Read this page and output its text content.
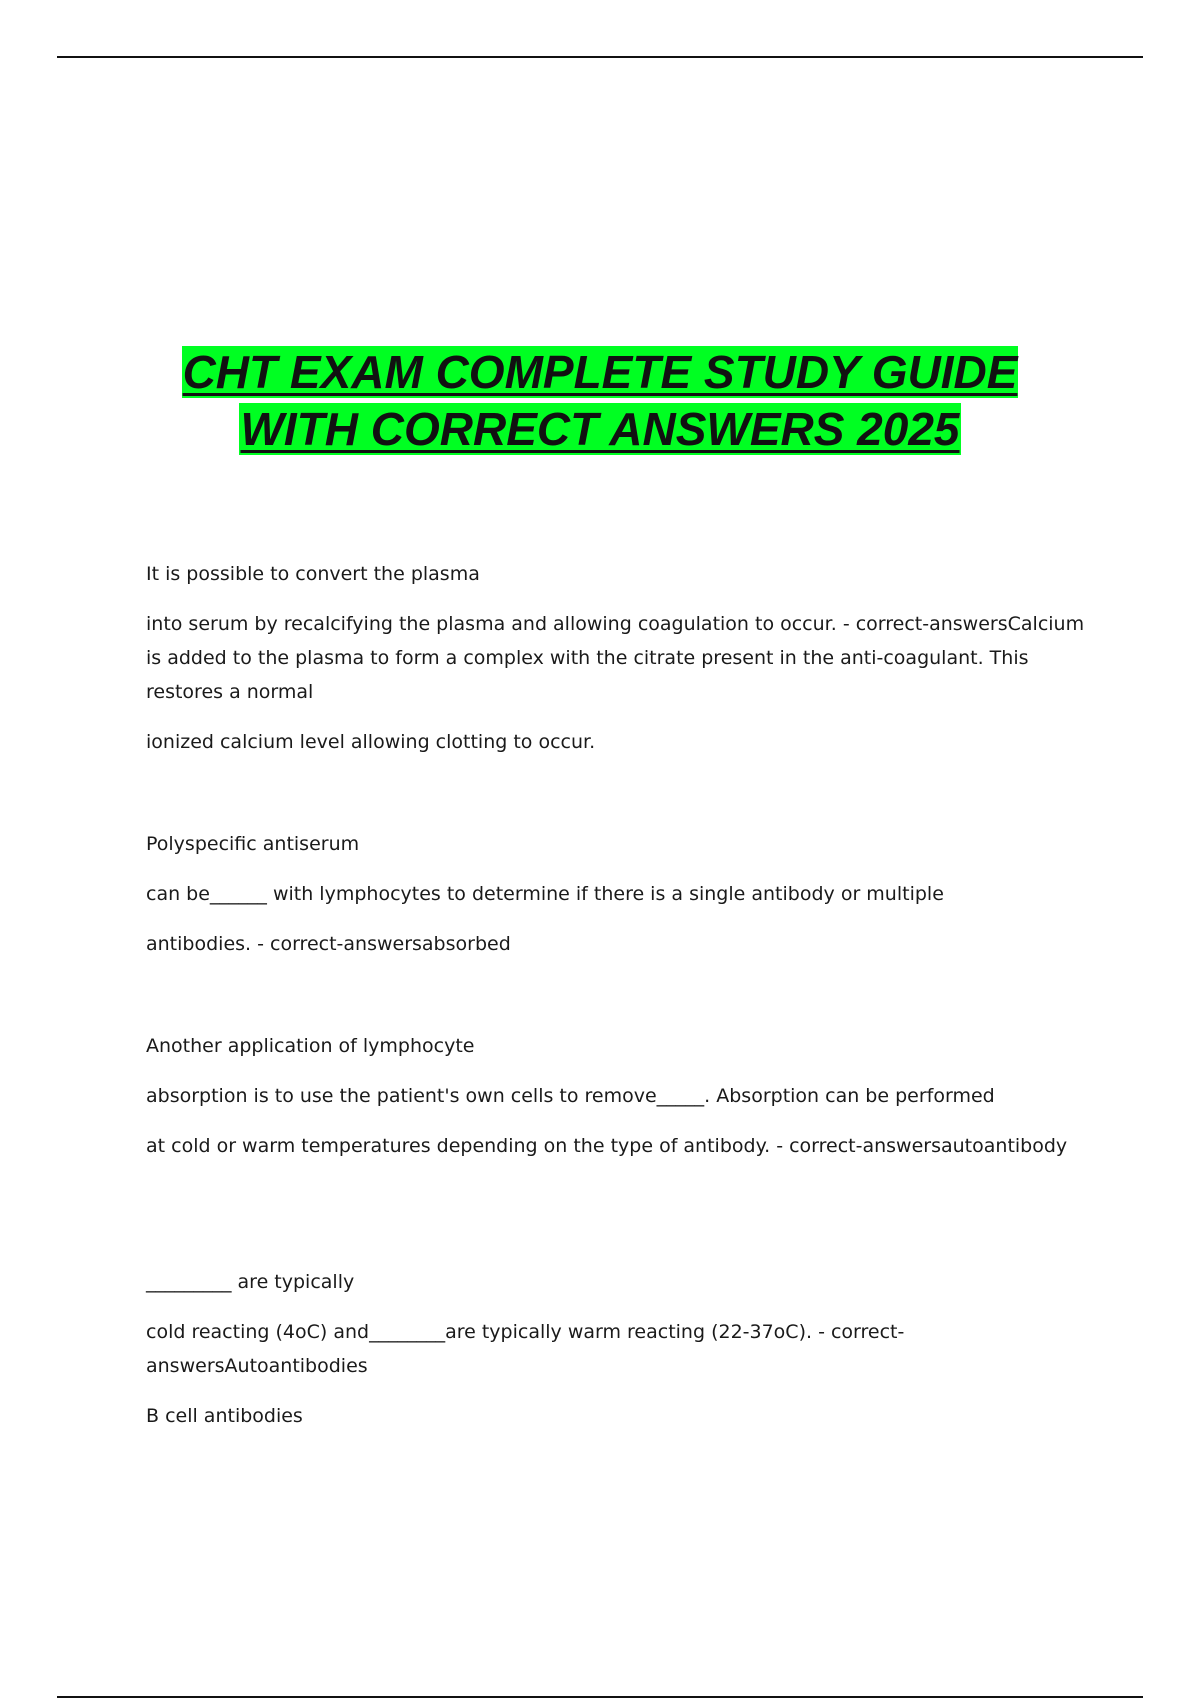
CHT EXAM COMPLETE STUDY GUIDE
WITH CORRECT ANSWERS 2025

It is possible to convert the plasma

into serum by recalcifying the plasma and allowing coagulation to occur. - correct-answersCalcium is added to the plasma to form a complex with the citrate present in the anti-coagulant. This restores a normal

ionized calcium level allowing clotting to occur.

Polyspecific antiserum

can be______ with lymphocytes to determine if there is a single antibody or multiple

antibodies. - correct-answersabsorbed

Another application of lymphocyte

absorption is to use the patient's own cells to remove_____. Absorption can be performed

at cold or warm temperatures depending on the type of antibody. - correct-answersautoantibody

_________ are typically

cold reacting (4oC) and________are typically warm reacting (22-37oC). - correct-answersAutoantibodies

B cell antibodies
